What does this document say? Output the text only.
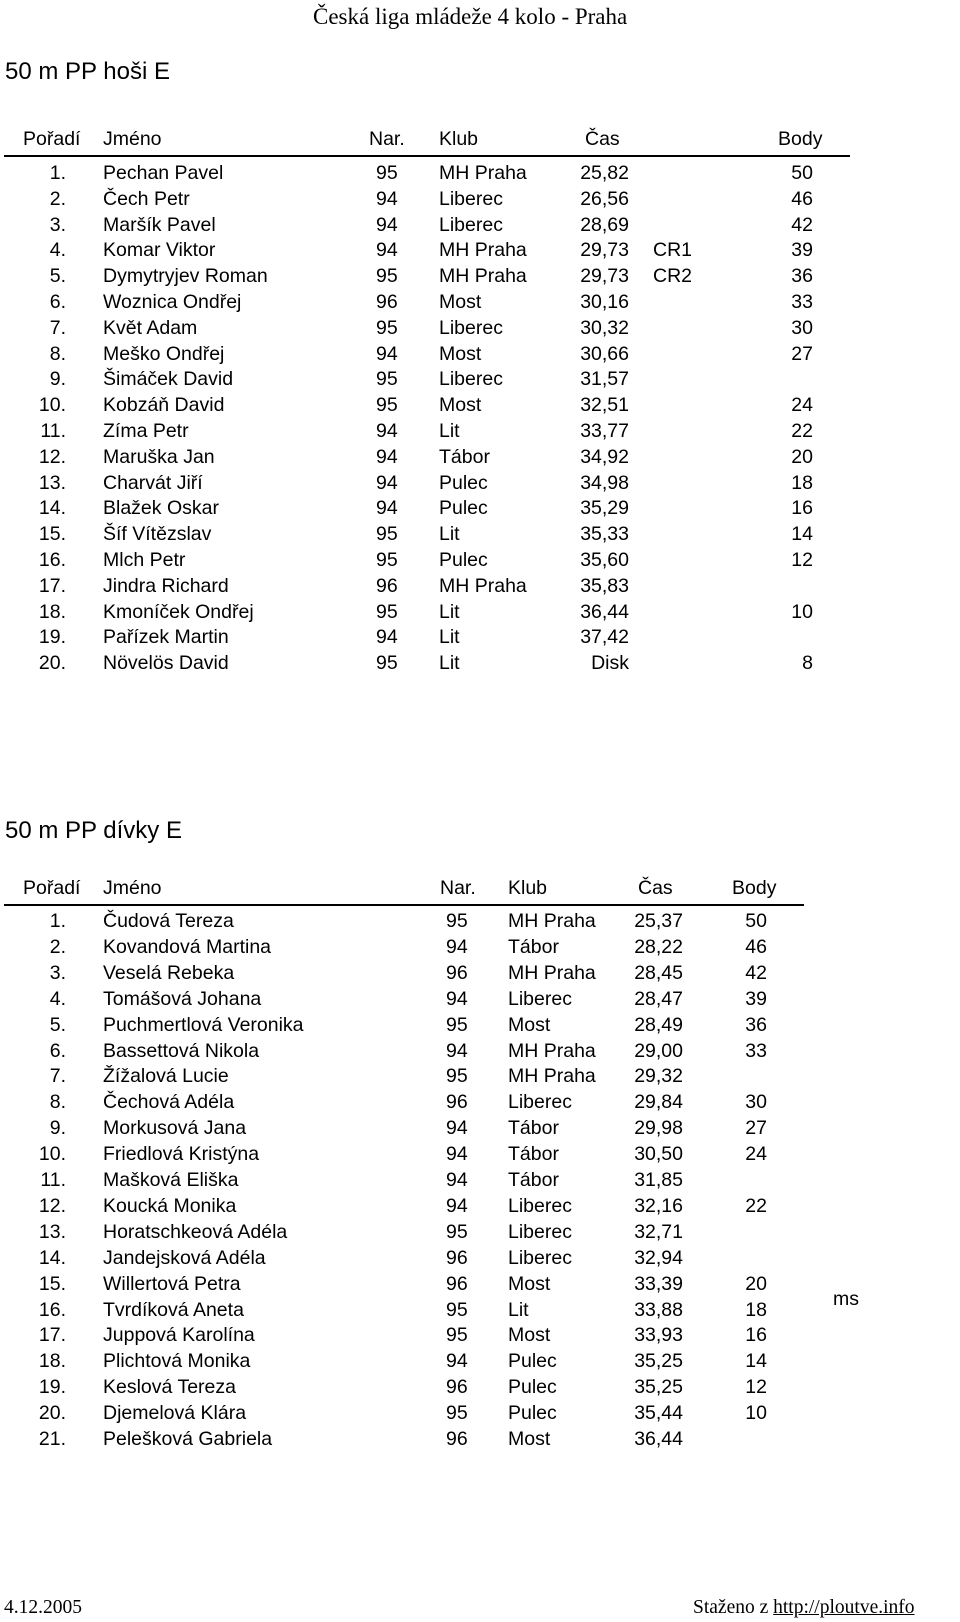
Česká liga mládeže 4 kolo - Praha
50 m PP hoši E
Pořadí Jméno	Nar. Klub	Čas	Body
1. Pechan Pavel	95 MH Praha	25,82	50
2. Čech Petr	94 Liberec	26,56	46
3. Maršík Pavel	94 Liberec	28,69	42
4. Komar Viktor	94 MH Praha	29,73 CR1	39
5. Dymytryjev Roman	95 MH Praha	29,73 CR2	36
6. Woznica Ondřej	96 Most	30,16	33
7. Květ Adam	95 Liberec	30,32	30
8. Meško Ondřej	94 Most	30,66	27
9. Šimáček David	95 Liberec	31,57
10. Kobzáň David	95 Most	32,51	24
11. Zíma Petr	94 Lit	33,77	22
12. Maruška Jan	94 Tábor	34,92	20
13. Charvát Jiří	94 Pulec	34,98	18
14. Blažek Oskar	94 Pulec	35,29	16
15. Šíf Vítězslav	95 Lit	35,33	14
16. Mlch Petr	95 Pulec	35,60	12
17. Jindra Richard	96 MH Praha	35,83
18. Kmoníček Ondřej	95 Lit	36,44	10
19. Pařízek Martin	94 Lit	37,42
20. Növelös David	95 Lit	Disk	8
50 m PP dívky E
Pořadí Jméno	Nar. Klub	Čas	Body
1. Čudová Tereza	95 MH Praha	25,37	50
2. Kovandová Martina	94 Tábor	28,22	46
3. Veselá Rebeka	96 MH Praha	28,45	42
4. Tomášová Johana	94 Liberec	28,47	39
5. Puchmertlová Veronika	95 Most	28,49	36
6. Bassettová Nikola	94 MH Praha	29,00	33
7. Žížalová Lucie	95 MH Praha	29,32
8. Čechová Adéla	96 Liberec	29,84	30
9. Morkusová Jana	94 Tábor	29,98	27
10. Friedlová Kristýna	94 Tábor	30,50	24
11. Mašková Eliška	94 Tábor	31,85
12. Koucká Monika	94 Liberec	32,16	22
13. Horatschkeová Adéla	95 Liberec	32,71
14. Jandejsková Adéla	96 Liberec	32,94
15. Willertová Petra	96 Most	33,39	20
16. Tvrdíková Aneta	95 Lit	33,88	18
17. Juppová Karolína	95 Most	33,93	16
18. Plichtová Monika	94 Pulec	35,25	14
19. Keslová Tereza	96 Pulec	35,25	12
20. Djemelová Klára	95 Pulec	35,44	10
21. Pelešková Gabriela	96 Most	36,44
ms
4.12.2005	Staženo z http://ploutve.info
